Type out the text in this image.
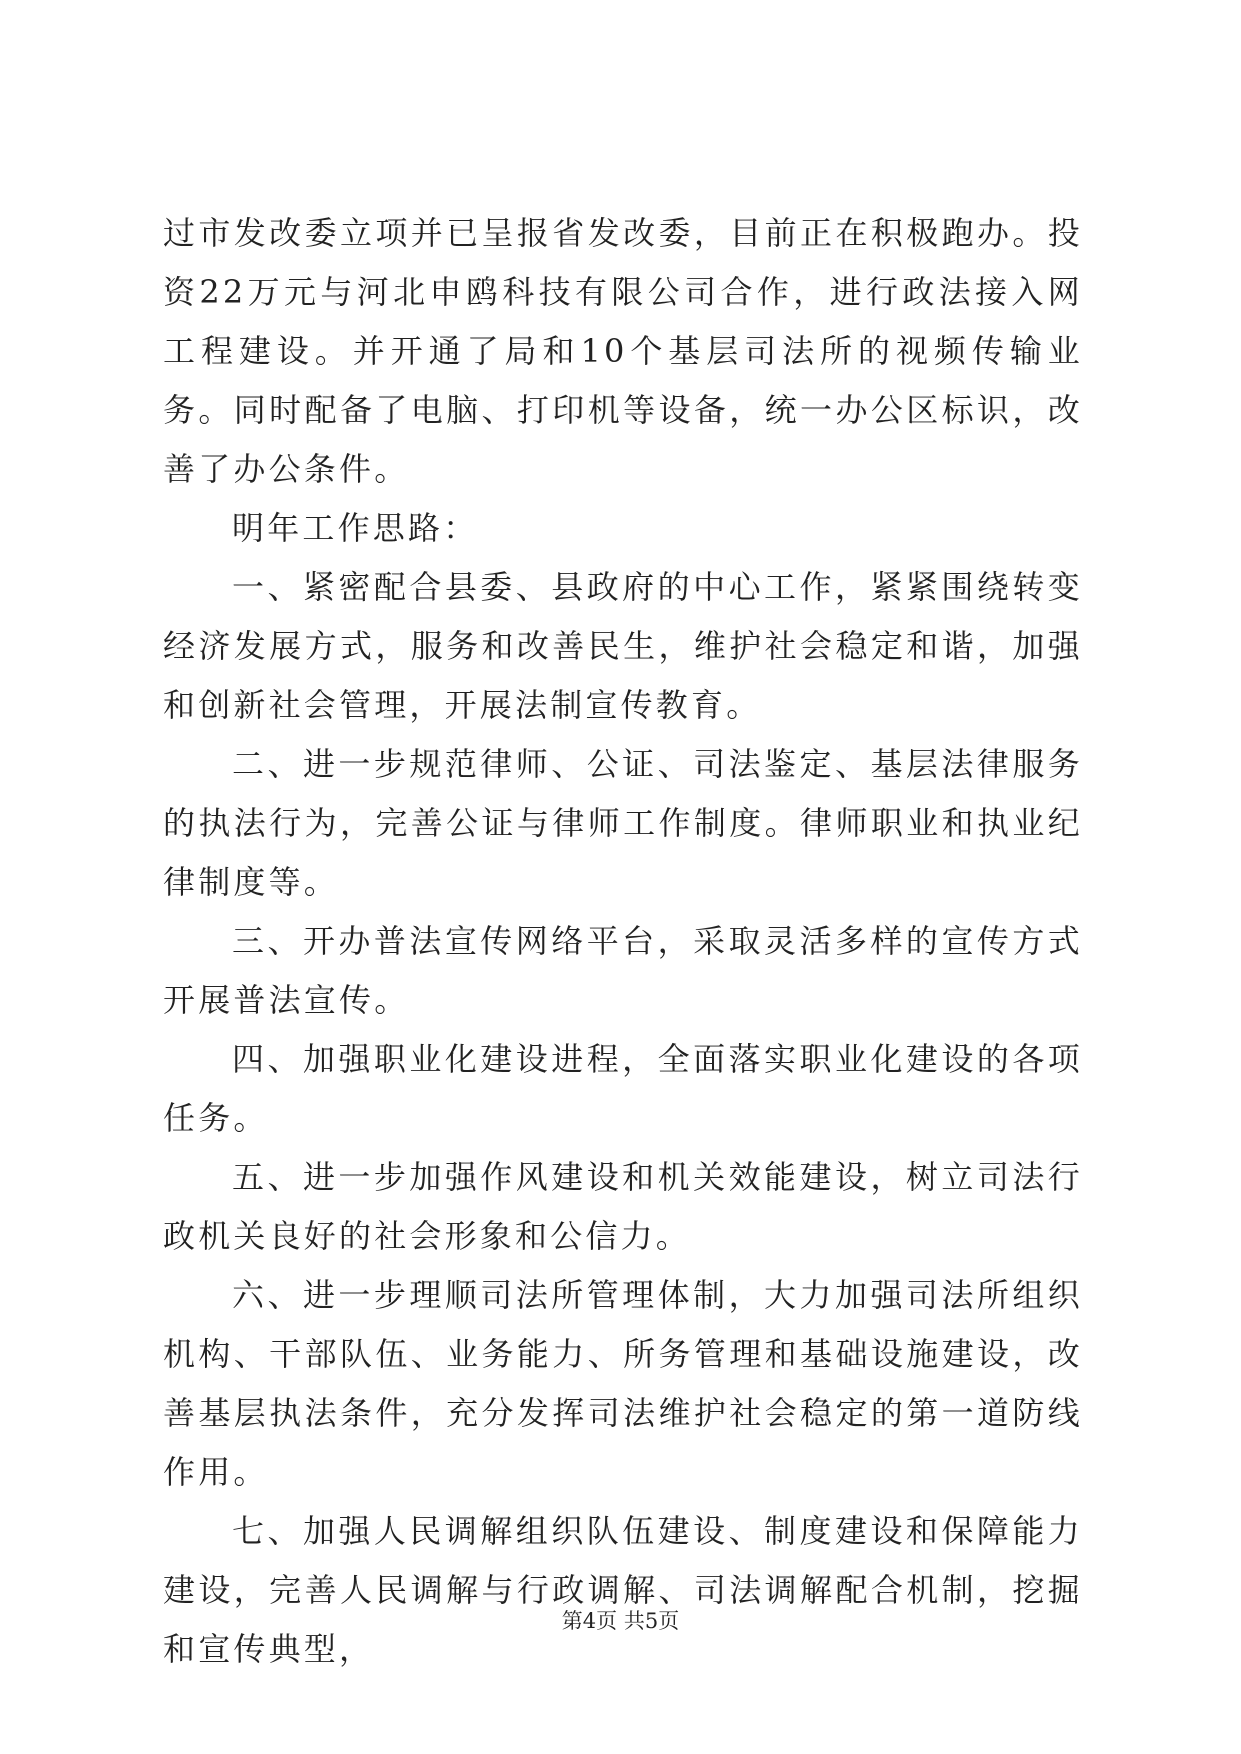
过市发改委立项并已呈报省发改委，目前正在积极跑办。投资22万元与河北申鸥科技有限公司合作，进行政法接入网工程建设。并开通了局和10个基层司法所的视频传输业务。同时配备了电脑、打印机等设备，统一办公区标识，改善了办公条件。

明年工作思路：

一、紧密配合县委、县政府的中心工作，紧紧围绕转变经济发展方式，服务和改善民生，维护社会稳定和谐，加强和创新社会管理，开展法制宣传教育。

二、进一步规范律师、公证、司法鉴定、基层法律服务的执法行为，完善公证与律师工作制度。律师职业和执业纪律制度等。

三、开办普法宣传网络平台，采取灵活多样的宣传方式开展普法宣传。

四、加强职业化建设进程，全面落实职业化建设的各项任务。

五、进一步加强作风建设和机关效能建设，树立司法行政机关良好的社会形象和公信力。

六、进一步理顺司法所管理体制，大力加强司法所组织机构、干部队伍、业务能力、所务管理和基础设施建设，改善基层执法条件，充分发挥司法维护社会稳定的第一道防线作用。

七、加强人民调解组织队伍建设、制度建设和保障能力建设，完善人民调解与行政调解、司法调解配合机制，挖掘和宣传典型，

第4页 共5页
